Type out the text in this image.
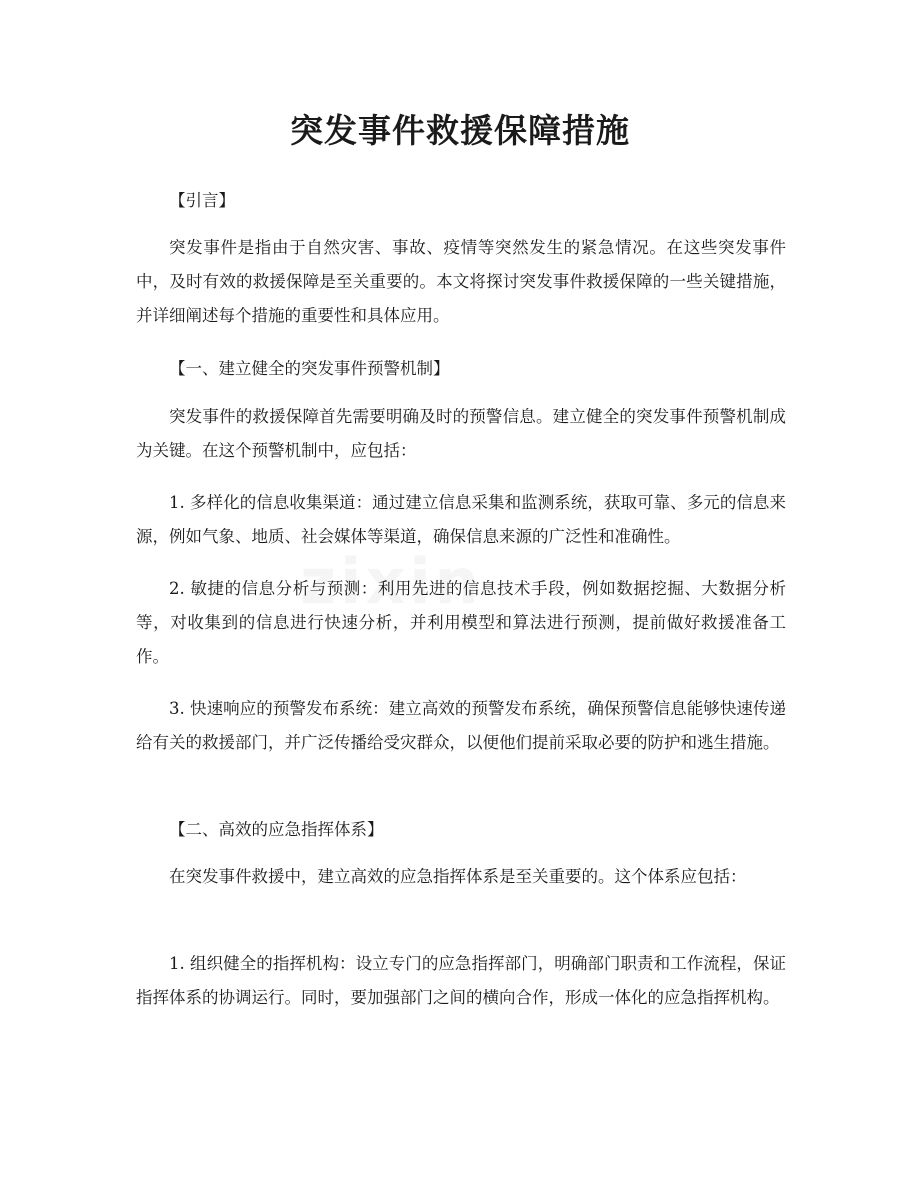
突发事件救援保障措施
zixin

【引言】

突发事件是指由于自然灾害、事故、疫情等突然发生的紧急情况。在这些突发事件中，及时有效的救援保障是至关重要的。本文将探讨突发事件救援保障的一些关键措施，并详细阐述每个措施的重要性和具体应用。

【一、建立健全的突发事件预警机制】

突发事件的救援保障首先需要明确及时的预警信息。建立健全的突发事件预警机制成为关键。在这个预警机制中，应包括：

1. 多样化的信息收集渠道：通过建立信息采集和监测系统，获取可靠、多元的信息来源，例如气象、地质、社会媒体等渠道，确保信息来源的广泛性和准确性。

2. 敏捷的信息分析与预测：利用先进的信息技术手段，例如数据挖掘、大数据分析等，对收集到的信息进行快速分析，并利用模型和算法进行预测，提前做好救援准备工作。

3. 快速响应的预警发布系统：建立高效的预警发布系统，确保预警信息能够快速传递给有关的救援部门，并广泛传播给受灾群众，以便他们提前采取必要的防护和逃生措施。

【二、高效的应急指挥体系】

在突发事件救援中，建立高效的应急指挥体系是至关重要的。这个体系应包括：

1. 组织健全的指挥机构：设立专门的应急指挥部门，明确部门职责和工作流程，保证指挥体系的协调运行。同时，要加强部门之间的横向合作，形成一体化的应急指挥机构。
